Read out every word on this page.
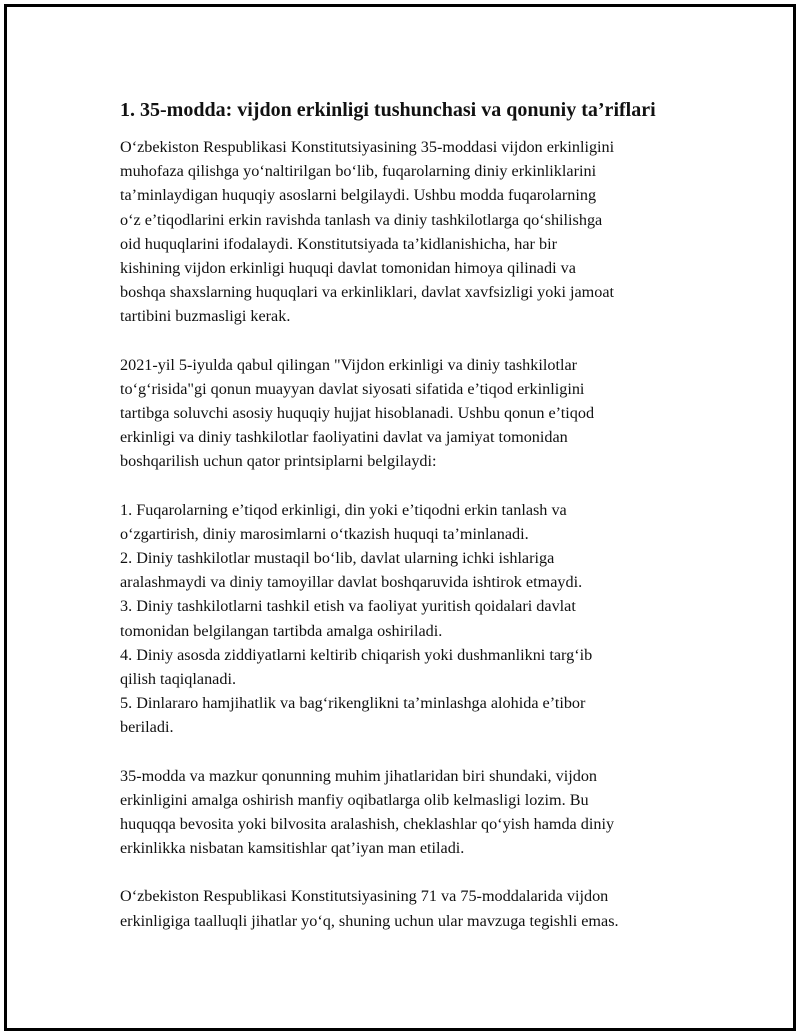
1. 35-modda: vijdon erkinligi tushunchasi va qonuniy ta’riflari
O‘zbekiston Respublikasi Konstitutsiyasining 35-moddasi vijdon erkinligini
muhofaza qilishga yo‘naltirilgan bo‘lib, fuqarolarning diniy erkinliklarini
ta’minlaydigan huquqiy asoslarni belgilaydi. Ushbu modda fuqarolarning
o‘z e’tiqodlarini erkin ravishda tanlash va diniy tashkilotlarga qo‘shilishga
oid huquqlarini ifodalaydi. Konstitutsiyada ta’kidlanishicha, har bir
kishining vijdon erkinligi huquqi davlat tomonidan himoya qilinadi va
boshqa shaxslarning huquqlari va erkinliklari, davlat xavfsizligi yoki jamoat
tartibini buzmasligi kerak.
2021-yil 5-iyulda qabul qilingan "Vijdon erkinligi va diniy tashkilotlar
to‘g‘risida"gi qonun muayyan davlat siyosati sifatida e’tiqod erkinligini
tartibga soluvchi asosiy huquqiy hujjat hisoblanadi. Ushbu qonun e’tiqod
erkinligi va diniy tashkilotlar faoliyatini davlat va jamiyat tomonidan
boshqarilish uchun qator printsiplarni belgilaydi:
1. Fuqarolarning e’tiqod erkinligi, din yoki e’tiqodni erkin tanlash va
o‘zgartirish, diniy marosimlarni o‘tkazish huquqi ta’minlanadi.
2. Diniy tashkilotlar mustaqil bo‘lib, davlat ularning ichki ishlariga
aralashmaydi va diniy tamoyillar davlat boshqaruvida ishtirok etmaydi.
3. Diniy tashkilotlarni tashkil etish va faoliyat yuritish qoidalari davlat
tomonidan belgilangan tartibda amalga oshiriladi.
4. Diniy asosda ziddiyatlarni keltirib chiqarish yoki dushmanlikni targ‘ib
qilish taqiqlanadi.
5. Dinlararo hamjihatlik va bag‘rikenglikni ta’minlashga alohida e’tibor
beriladi.
35-modda va mazkur qonunning muhim jihatlaridan biri shundaki, vijdon
erkinligini amalga oshirish manfiy oqibatlarga olib kelmasligi lozim. Bu
huquqqa bevosita yoki bilvosita aralashish, cheklashlar qo‘yish hamda diniy
erkinlikka nisbatan kamsitishlar qat’iyan man etiladi.
O‘zbekiston Respublikasi Konstitutsiyasining 71 va 75-moddalarida vijdon
erkinligiga taalluqli jihatlar yo‘q, shuning uchun ular mavzuga tegishli emas.
